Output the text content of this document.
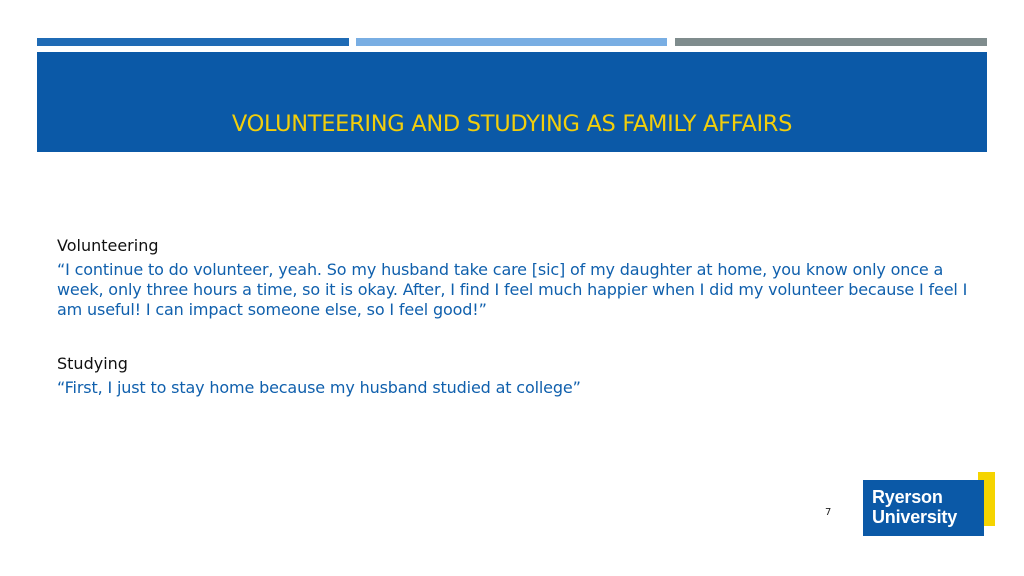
VOLUNTEERING AND STUDYING AS FAMILY AFFAIRS

Volunteering

“I continue to do volunteer, yeah. So my husband take care [sic] of my daughter at home, you know only once a week, only three hours a time, so it is okay. After, I find I feel much happier when I did my volunteer because I feel I am useful! I can impact someone else, so I feel good!”

Studying

“First, I just to stay home because my husband studied at college”

7
Ryerson
University
